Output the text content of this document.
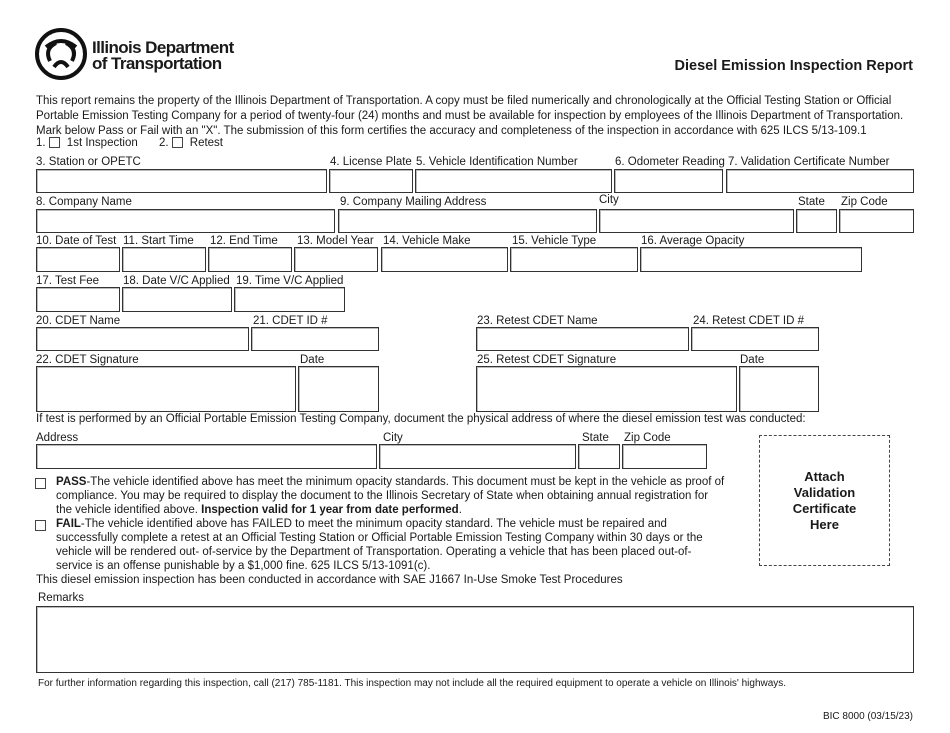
Illinois Department
of Transportation	Diesel Emission Inspection Report
This report remains the property of the Illinois Department of Transportation. A copy must be filed numerically and chronologically at the Official Testing Station or Official Portable Emission Testing Company for a period of twenty-four (24) months and must be available for inspection by employees of the Illinois Department of Transportation. Mark below Pass or Fail with an "X". The submission of this form certifies the accuracy and completeness of the inspection in accordance with 625 ILCS 5/13-109.1
1. 1st Inspection 2. Retest
3. Station or OPETC	4. License Plate 5. Vehicle Identification Number	6. Odometer Reading 7. Validation Certificate Number
8. Company Name	9. Company Mailing Address	City	State Zip Code
10. Date of Test 11. Start Time 12. End Time 13. Model Year 14. Vehicle Make	15. Vehicle Type	16. Average Opacity
17. Test Fee 18. Date V/C Applied 19. Time V/C Applied
20. CDET Name	21. CDET ID #	23. Retest CDET Name	24. Retest CDET ID #
22. CDET Signature	Date	25. Retest CDET Signature	Date
If test is performed by an Official Portable Emission Testing Company, document the physical address of where the diesel emission test was conducted:
Address	City	State Zip Code
Attach
Validation
Certificate
Here
PASS-The vehicle identified above has meet the minimum opacity standards. This document must be kept in the vehicle as proof of compliance. You may be required to display the document to the Illinois Secretary of State when obtaining annual registration for the vehicle identified above. Inspection valid for 1 year from date performed.
FAIL-The vehicle identified above has FAILED to meet the minimum opacity standard. The vehicle must be repaired and successfully complete a retest at an Official Testing Station or Official Portable Emission Testing Company within 30 days or the vehicle will be rendered out- of-service by the Department of Transportation. Operating a vehicle that has been placed out-of-service is an offense punishable by a $1,000 fine. 625 ILCS 5/13-1091(c).
This diesel emission inspection has been conducted in accordance with SAE J1667 In-Use Smoke Test Procedures
Remarks
For further information regarding this inspection, call (217) 785-1181. This inspection may not include all the required equipment to operate a vehicle on Illinois' highways.
BIC 8000 (03/15/23)
